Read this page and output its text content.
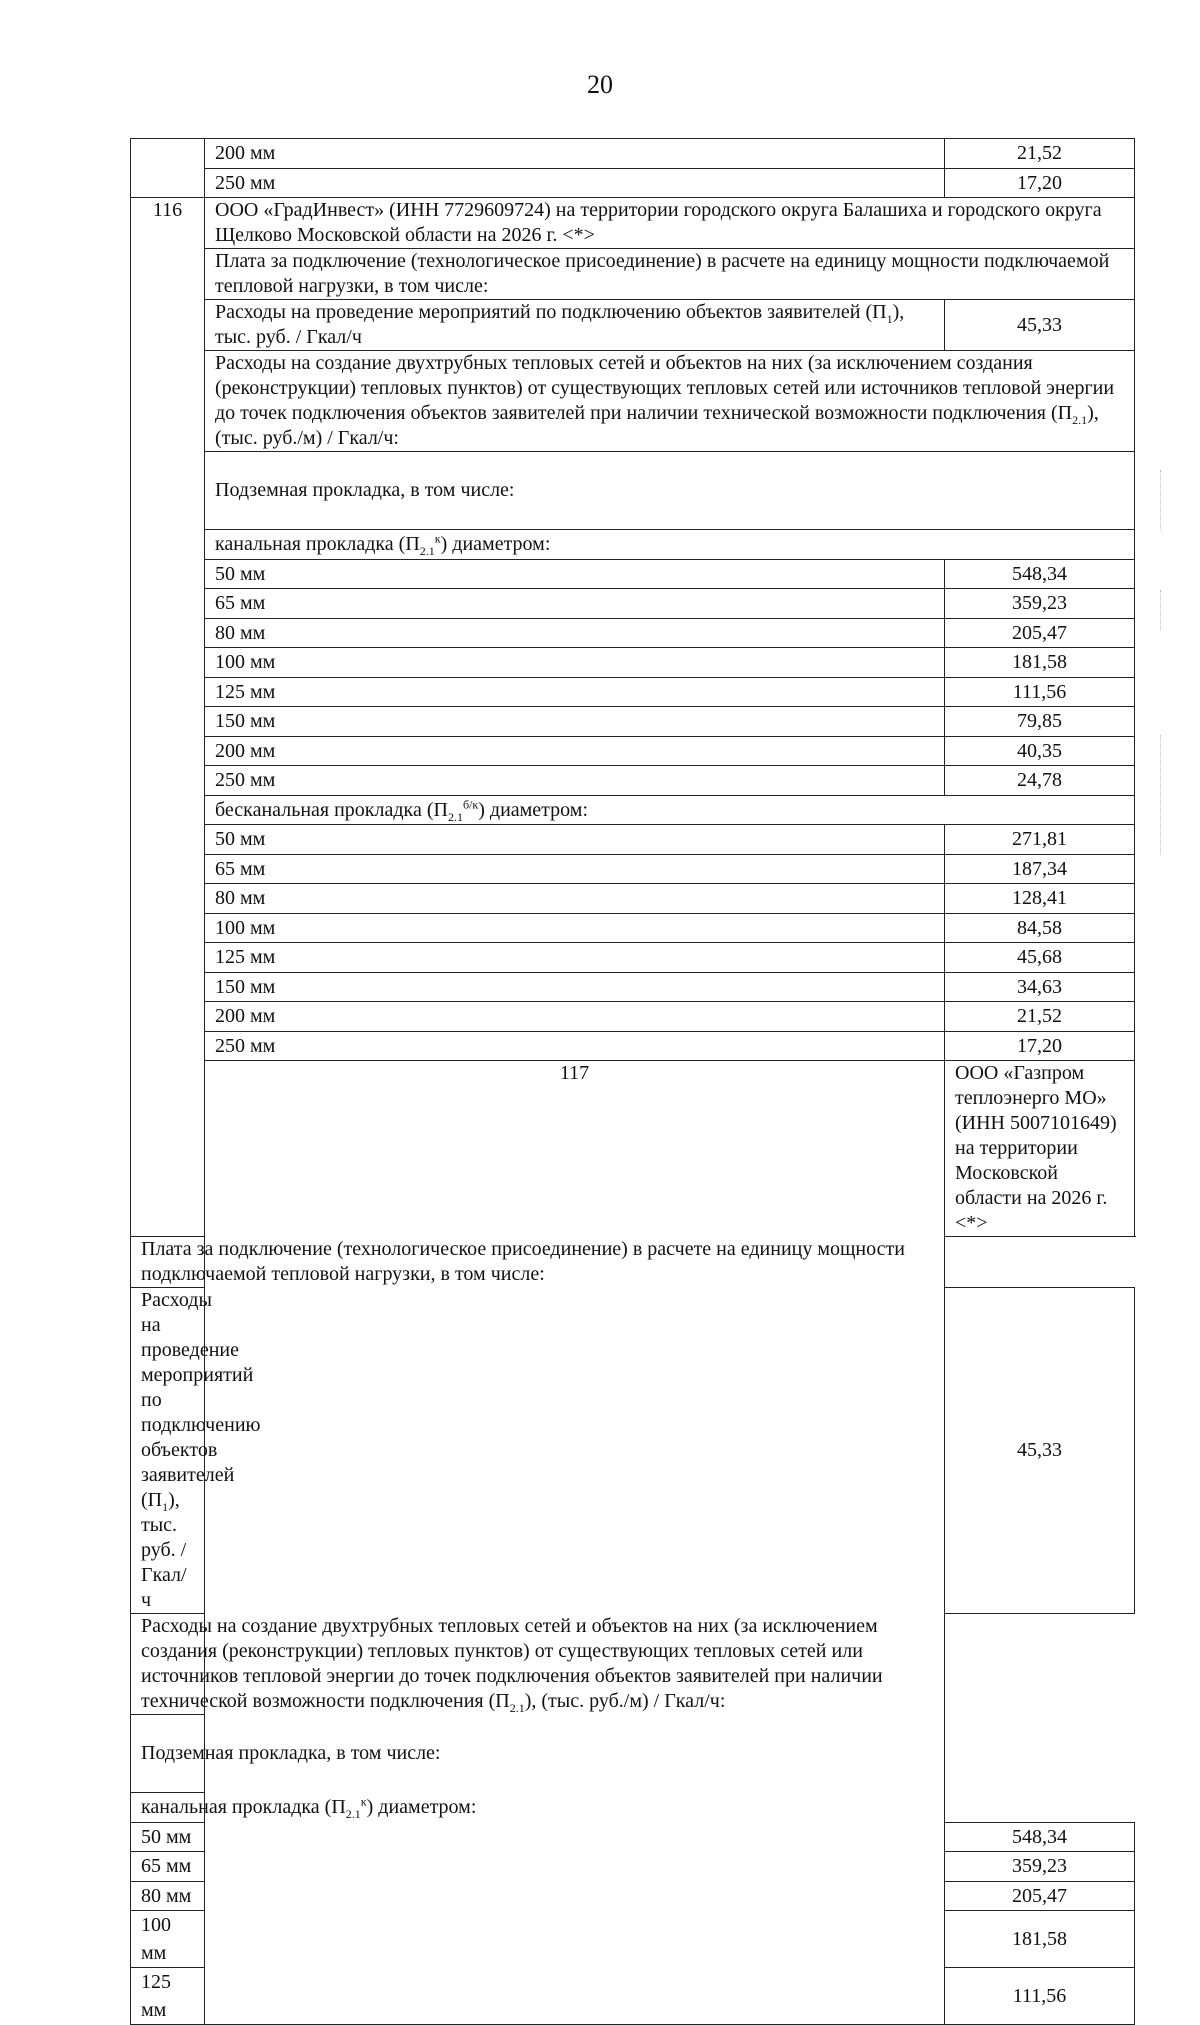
20
	200 мм	21,52
	250 мм	17,20
116	ООО «ГрадИнвест» (ИНН 7729609724) на территории городского округа Балашиха и городского округа Щелково Московской области на 2026 г. <*>	
	Плата за подключение (технологическое присоединение) в расчете на единицу мощности подключаемой тепловой нагрузки, в том числе:	
	Расходы на проведение мероприятий по подключению объектов заявителей $(П_1)$, тыс. руб. / Гкал/ч	45,33
	Расходы на создание двухтрубных тепловых сетей и объектов на них (за исключением создания (реконструкции) тепловых пунктов) от существующих тепловых сетей или источников тепловой энергии до точек подключения объектов заявителей при наличии технической возможности подключения $(П_{2.1})$, (тыс. руб./м) / Гкал/ч:	
	Подземная прокладка, в том числе:	
	канальная прокладка $(П_{2.1}^к)$ диаметром:	
	50 мм	548,34
	65 мм	359,23
	80 мм	205,47
	100 мм	181,58
	125 мм	111,56
	150 мм	79,85
	200 мм	40,35
	250 мм	24,78
	бесканальная прокладка $(П_{2.1}^{б/к})$ диаметром:	
	50 мм	271,81
	65 мм	187,34
	80 мм	128,41
	100 мм	84,58
	125 мм	45,68
	150 мм	34,63
	200 мм	21,52
	250 мм	17,20
	117	ООО «Газпром теплоэнерго МО» (ИНН 5007101649) на территории Московской области на 2026 г. <*>
Плата за подключение (технологическое присоединение) в расчете на единицу мощности подключаемой тепловой нагрузки, в том числе:		
Расходы на проведение мероприятий по подключению объектов заявителей $(П_1)$, тыс. руб. / Гкал/ч		45,33
Расходы на создание двухтрубных тепловых сетей и объектов на них (за исключением создания (реконструкции) тепловых пунктов) от существующих тепловых сетей или источников тепловой энергии до точек подключения объектов заявителей при наличии технической возможности подключения $(П_{2.1})$, (тыс. руб./м) / Гкал/ч:		
Подземная прокладка, в том числе:		
канальная прокладка $(П_{2.1}^к)$ диаметром:		
50 мм		548,34
65 мм		359,23
80 мм		205,47
100 мм		181,58
125 мм		111,56
